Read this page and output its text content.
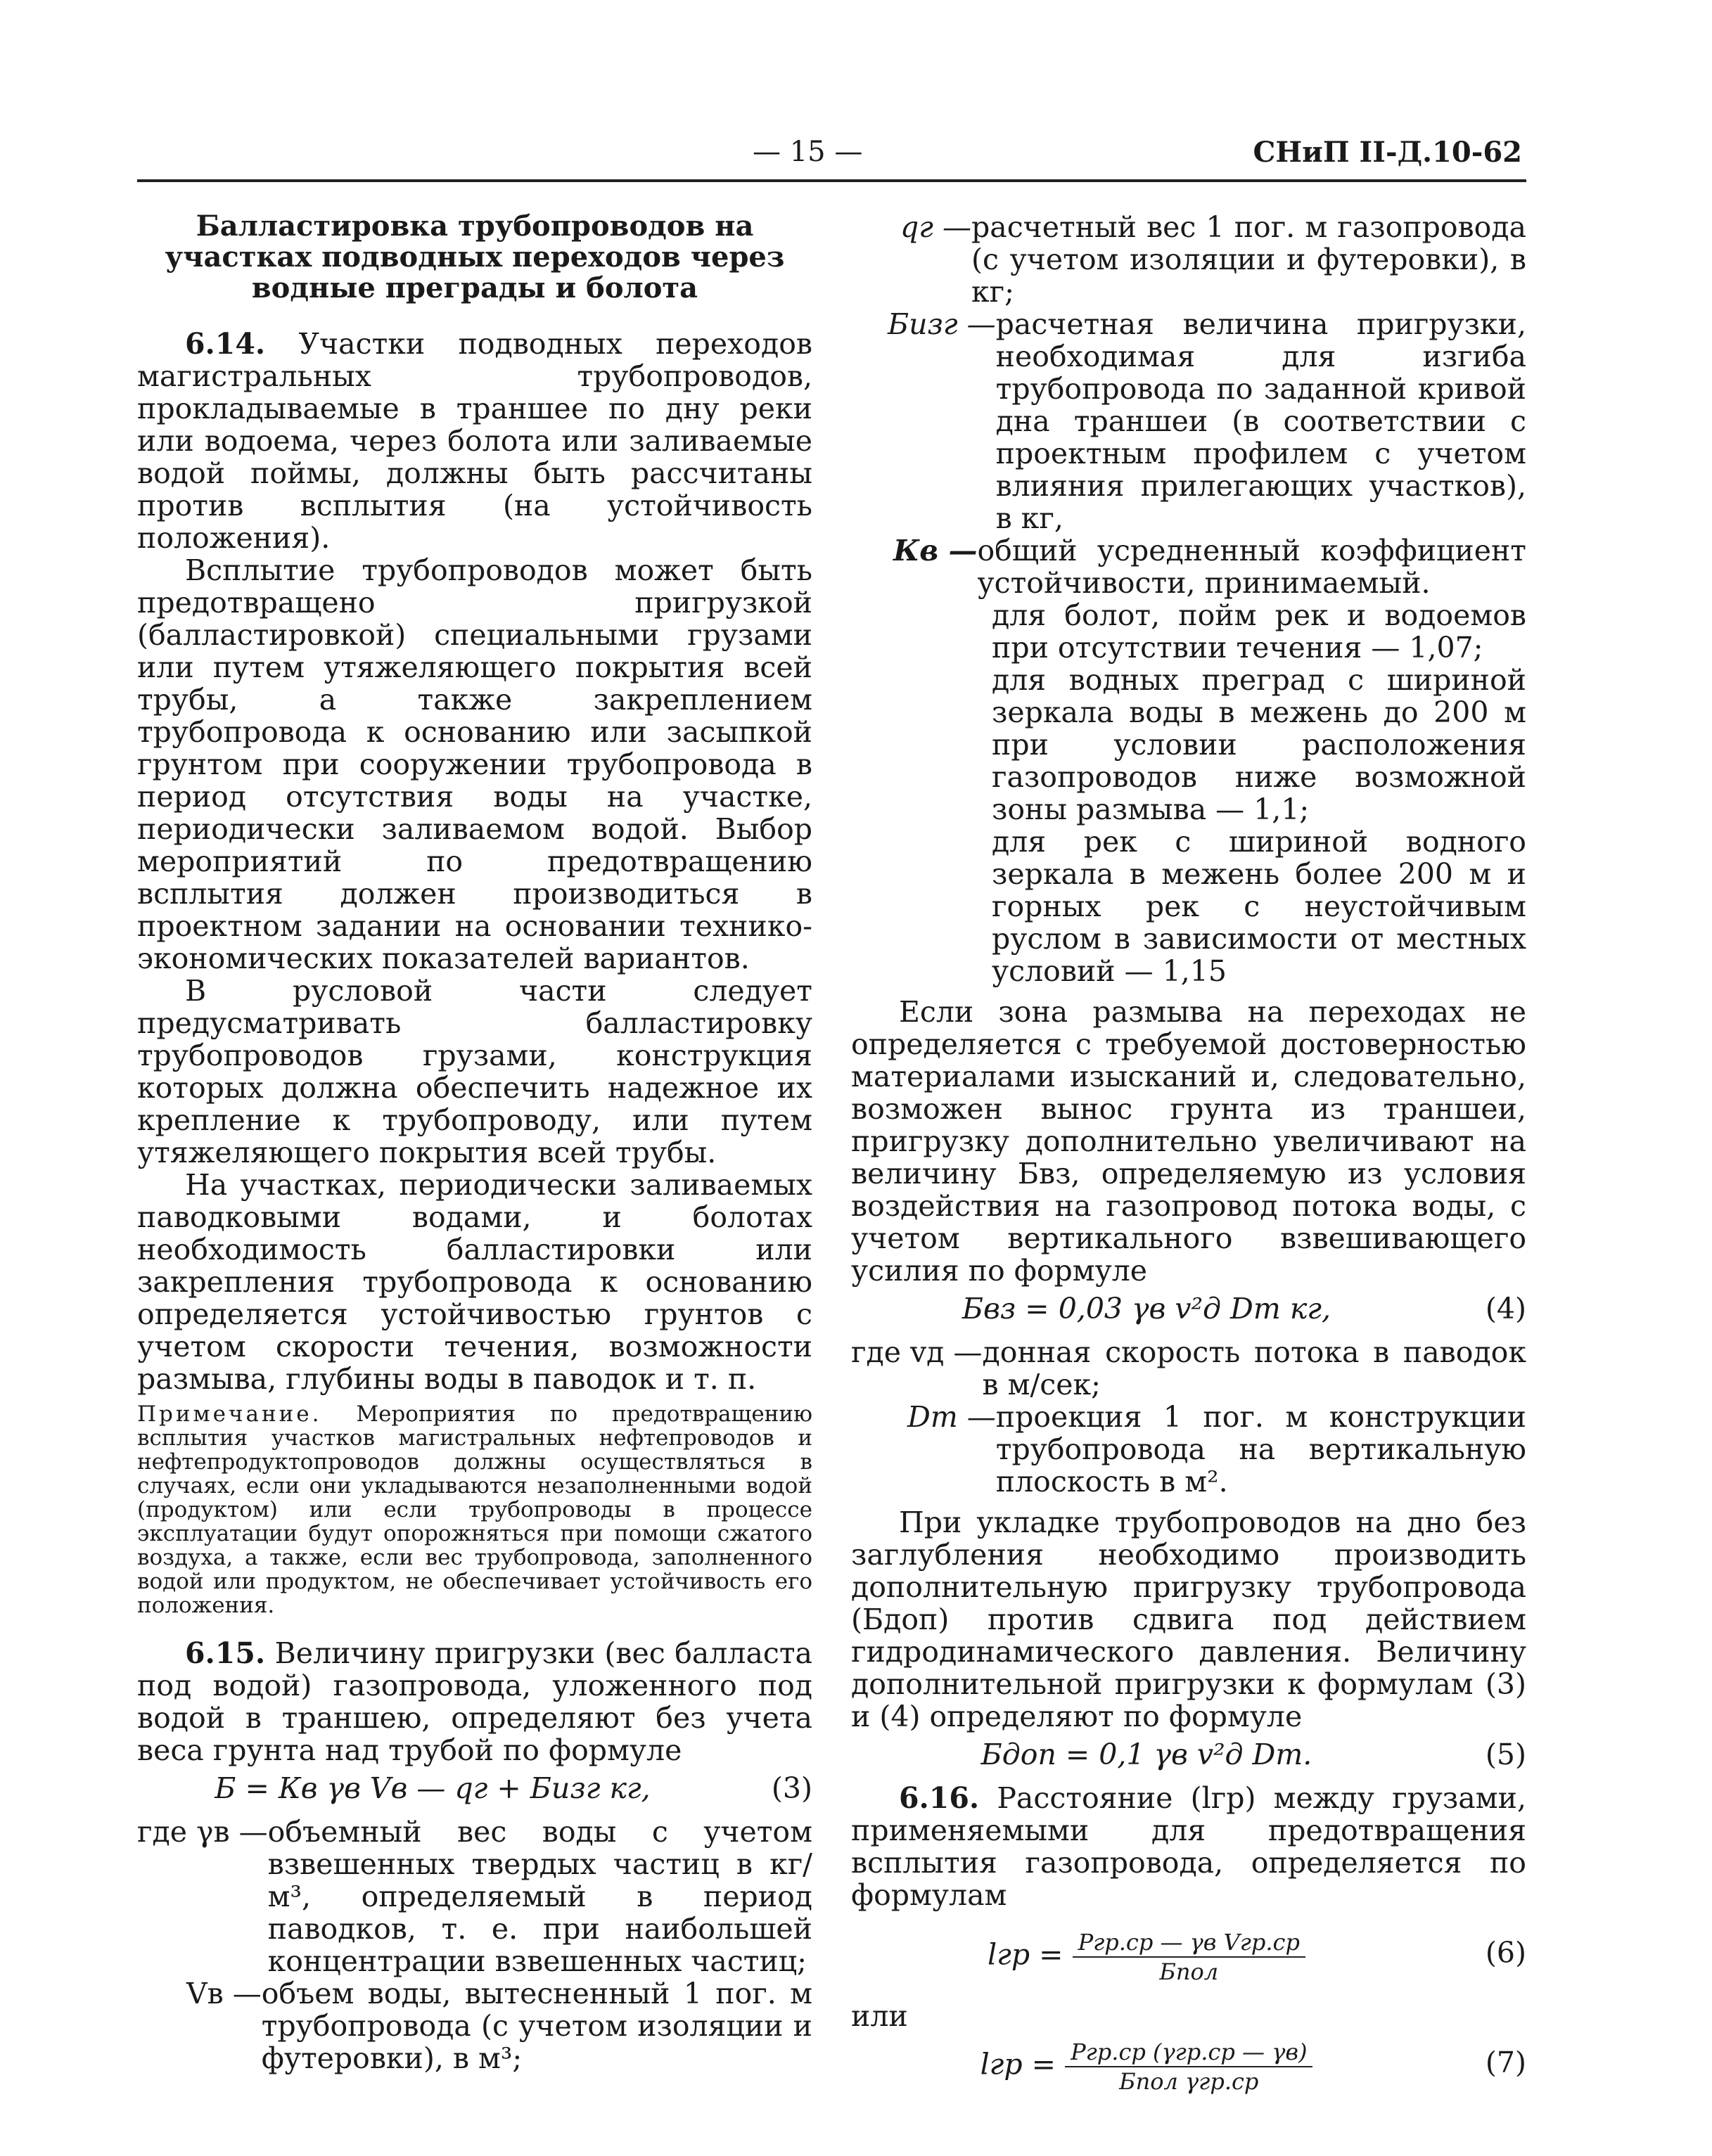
— 15 —	СНиП II-Д.10-62
Балластировка трубопроводов на участках подводных переходов через водные преграды и болота

6.14. Участки подводных переходов магистральных трубопроводов, прокладываемые в траншее по дну реки или водоема, через болота или заливаемые водой поймы, должны быть рассчитаны против всплытия (на устойчивость положения).

Всплытие трубопроводов может быть предотвращено пригрузкой (балластировкой) специальными грузами или путем утяжеляющего покрытия всей трубы, а также закреплением трубопровода к основанию или засыпкой грунтом при сооружении трубопровода в период отсутствия воды на участке, периодически заливаемом водой. Выбор мероприятий по предотвращению всплытия должен производиться в проектном задании на основании технико-экономических показателей вариантов.

В русловой части следует предусматривать балластировку трубопроводов грузами, конструкция которых должна обеспечить надежное их крепление к трубопроводу, или путем утяжеляющего покрытия всей трубы.

На участках, периодически заливаемых паводковыми водами, и болотах необходимость балластировки или закрепления трубопровода к основанию определяется устойчивостью грунтов с учетом скорости течения, возможности размыва, глубины воды в паводок и т. п.

Примечание. Мероприятия по предотвращению всплытия участков магистральных нефтепроводов и нефтепродуктопроводов должны осуществляться в случаях, если они укладываются незаполненными водой (продуктом) или если трубопроводы в процессе эксплуатации будут опорожняться при помощи сжатого воздуха, а также, если вес трубопровода, заполненного водой или продуктом, не обеспечивает устойчивость его положения.

6.15. Величину пригрузки (вес балласта под водой) газопровода, уложенного под водой в траншею, определяют без учета веса грунта над трубой по формуле

Б = Кв γв Vв — qг + Бизг кг,	(3)
где γв — объемный вес воды с учетом взвешенных твердых частиц в кг/м³, определяемый в период паводков, т. е. при наибольшей концентрации взвешенных частиц;
Vв — объем воды, вытесненный 1 пог. м трубопровода (с учетом изоляции и футеровки), в м³;
qг — расчетный вес 1 пог. м газопровода (с учетом изоляции и футеровки), в кг;
Бизг — расчетная величина пригрузки, необходимая для изгиба трубопровода по заданной кривой дна траншеи (в соответствии с проектным профилем с учетом влияния прилегающих участков), в кг,
Кв — общий усредненный коэффициент устойчивости, принимаемый.

для болот, пойм рек и водоемов при отсутствии течения — 1,07;

для водных преград с шириной зеркала воды в межень до 200 м при условии расположения газопроводов ниже возможной зоны размыва — 1,1;

для рек с шириной водного зеркала в межень более 200 м и горных рек с неустойчивым руслом в зависимости от местных условий — 1,15

Если зона размыва на переходах не определяется с требуемой достоверностью материалами изысканий и, следовательно, возможен вынос грунта из траншеи, пригрузку дополнительно увеличивают на величину Бвз, определяемую из условия воздействия на газопровод потока воды, с учетом вертикального взвешивающего усилия по формуле

Бвз = 0,03 γв v²д Dт кг,	(4)
где vд — донная скорость потока в паводок в м/сек;
Dт — проекция 1 пог. м конструкции трубопровода на вертикальную плоскость в м².

При укладке трубопроводов на дно без заглубления необходимо производить дополнительную пригрузку трубопровода (Бдоп) против сдвига под действием гидродинамического давления. Величину дополнительной пригрузки к формулам (3) и (4) определяют по формуле

Бдоп = 0,1 γв v²д Dт.	(5)

6.16. Расстояние (lгр) между грузами, применяемыми для предотвращения всплытия газопровода, определяется по формулам

lгр = $\frac{\text{Pгр.ср — γв Vгр.ср}}{\text{Бпол}}$	(6)
или
lгр = $\frac{\text{Pгр.ср (γгр.ср — γв)}}{\text{Бпол γгр.ср}}$	(7)
